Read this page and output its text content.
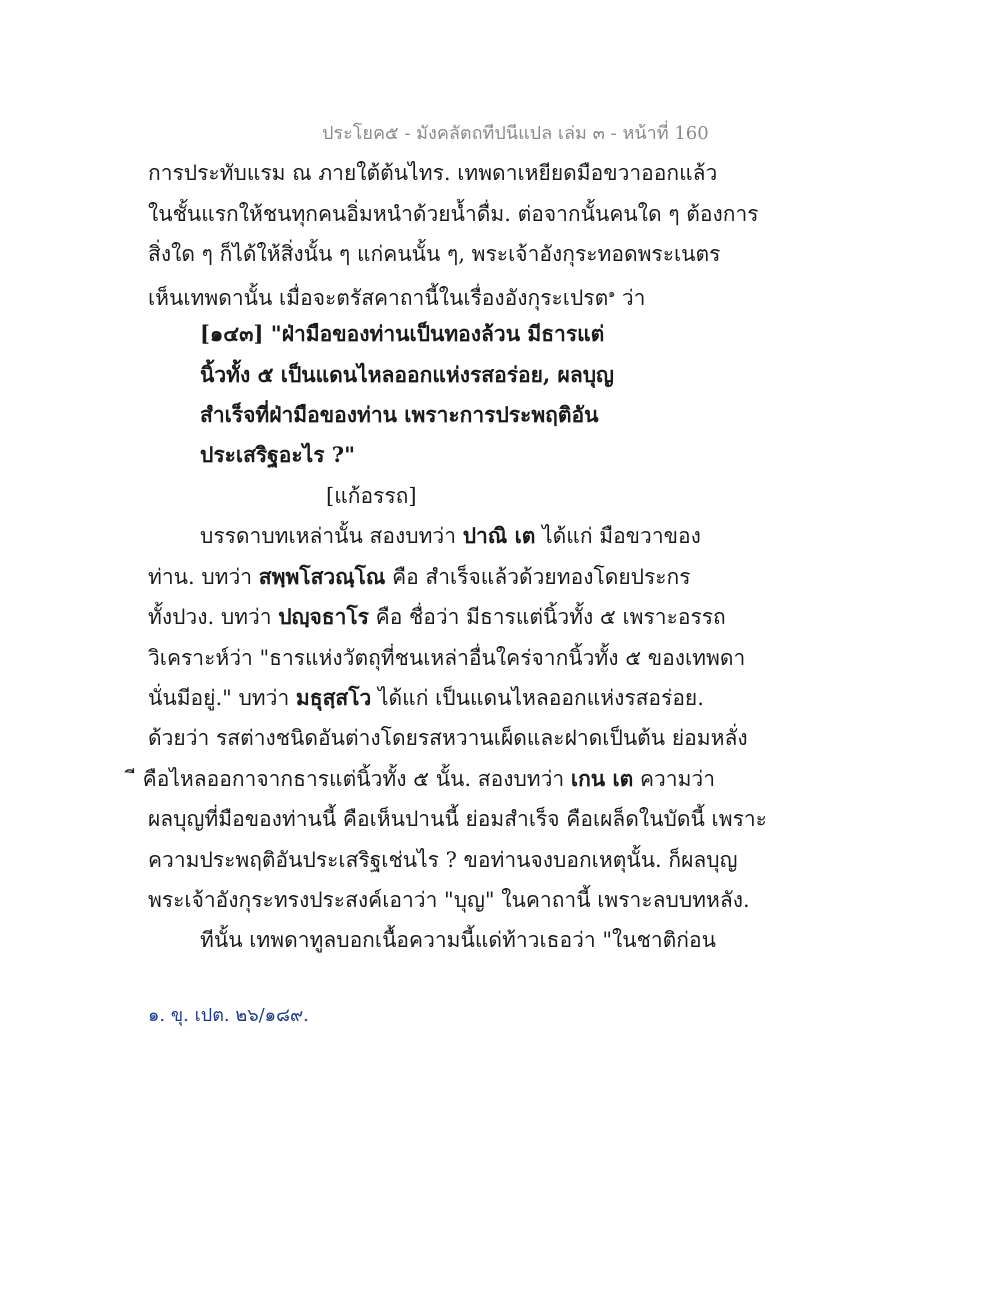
ประโยค๕ - มังคลัตถทีปนีแปล เล่ม ๓ - หน้าที่ 160
การประทับแรม ณ ภายใต้ต้นไทร. เทพดาเหยียดมือขวาออกแล้ว
ในชั้นแรกให้ชนทุกคนอิ่มหนำด้วยน้ำดื่ม. ต่อจากนั้นคนใด ๆ ต้องการ
สิ่งใด ๆ ก็ได้ให้สิ่งนั้น ๆ แก่คนนั้น ๆ, พระเจ้าอังกุระทอดพระเนตร
เห็นเทพดานั้น เมื่อจะตรัสคาถานี้ในเรื่องอังกุระเปรต$^๑$ ว่า
[๑๔๓] "ฝ่ามือของท่านเป็นทองล้วน มีธารแต่
นิ้วทั้ง ๕ เป็นแดนไหลออกแห่งรสอร่อย, ผลบุญ
สำเร็จที่ฝ่ามือของท่าน เพราะการประพฤติอัน
ประเสริฐอะไร ?"
[แก้อรรถ]
บรรดาบทเหล่านั้น สองบทว่า ปาณิ เต ได้แก่ มือขวาของ
ท่าน. บทว่า สพฺพโสวณฺโณ คือ สำเร็จแล้วด้วยทองโดยประกร
ทั้งปวง. บทว่า ปญฺจธาโร คือ ชื่อว่า มีธารแต่นิ้วทั้ง ๕ เพราะอรรถ
วิเคราะห์ว่า "ธารแห่งวัตถุที่ชนเหล่าอื่นใคร่จากนิ้วทั้ง ๕ ของเทพดา
นั่นมีอยู่." บทว่า มธุสฺสโว ได้แก่ เป็นแดนไหลออกแห่งรสอร่อย.
ด้วยว่า รสต่างชนิดอันต่างโดยรสหวานเผ็ดและฝาดเป็นต้น ย่อมหลั่ง
ี คือไหลออกาจากธารแต่นิ้วทั้ง ๕ นั้น. สองบทว่า เกน เต ความว่า
ผลบุญที่มือของท่านนี้ คือเห็นปานนี้ ย่อมสำเร็จ คือเผล็ดในบัดนี้ เพราะ
ความประพฤติอันประเสริฐเช่นไร ? ขอท่านจงบอกเหตุนั้น. ก็ผลบุญ
พระเจ้าอังกุระทรงประสงค์เอาว่า "บุญ" ในคาถานี้ เพราะลบบทหลัง.
ทีนั้น เทพดาทูลบอกเนื้อความนี้แด่ท้าวเธอว่า "ในชาติก่อน
๑. ขุ. เปต. ๒๖/๑๘๙.
